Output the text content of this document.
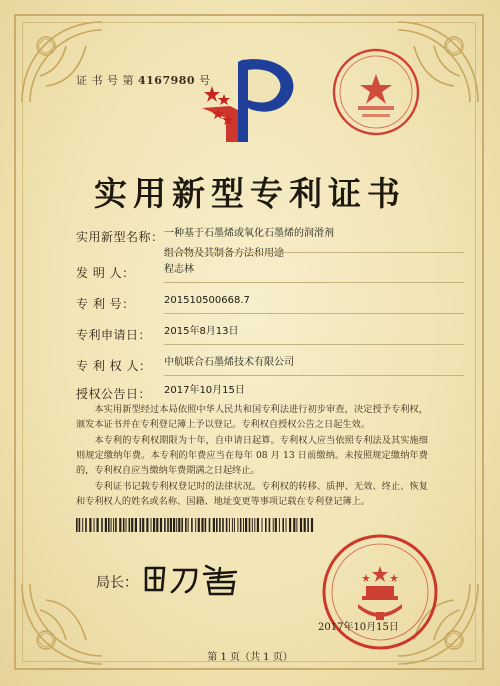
证 书 号 第 4167980 号
实用新型专利证书
实用新型名称： 一种基于石墨烯或氧化石墨烯的润滑剂
组合物及其制备方法和用途
发 明 人：	程志林
专 利 号：	201510500668.7
专利申请日： 2015年8月13日
专 利 权 人： 中航联合石墨烯技术有限公司
授权公告日： 2017年10月15日

本实用新型经过本局依照中华人民共和国专利法进行初步审查，决定授予专利权，颁发本证书并在专利登记簿上予以登记。专利权自授权公告之日起生效。

本专利的专利权期限为十年，自申请日起算。专利权人应当依照专利法及其实施细则规定缴纳年费。本专利的年费应当在每年 08 月 13 日前缴纳。未按照规定缴纳年费的，专利权自应当缴纳年费期满之日起终止。

专利证书记载专利权登记时的法律状况。专利权的转移、质押、无效、终止、恢复和专利权人的姓名或名称、国籍、地址变更等事项记载在专利登记簿上。

局长：
2017年10月15日
第 1 页（共 1 页）
